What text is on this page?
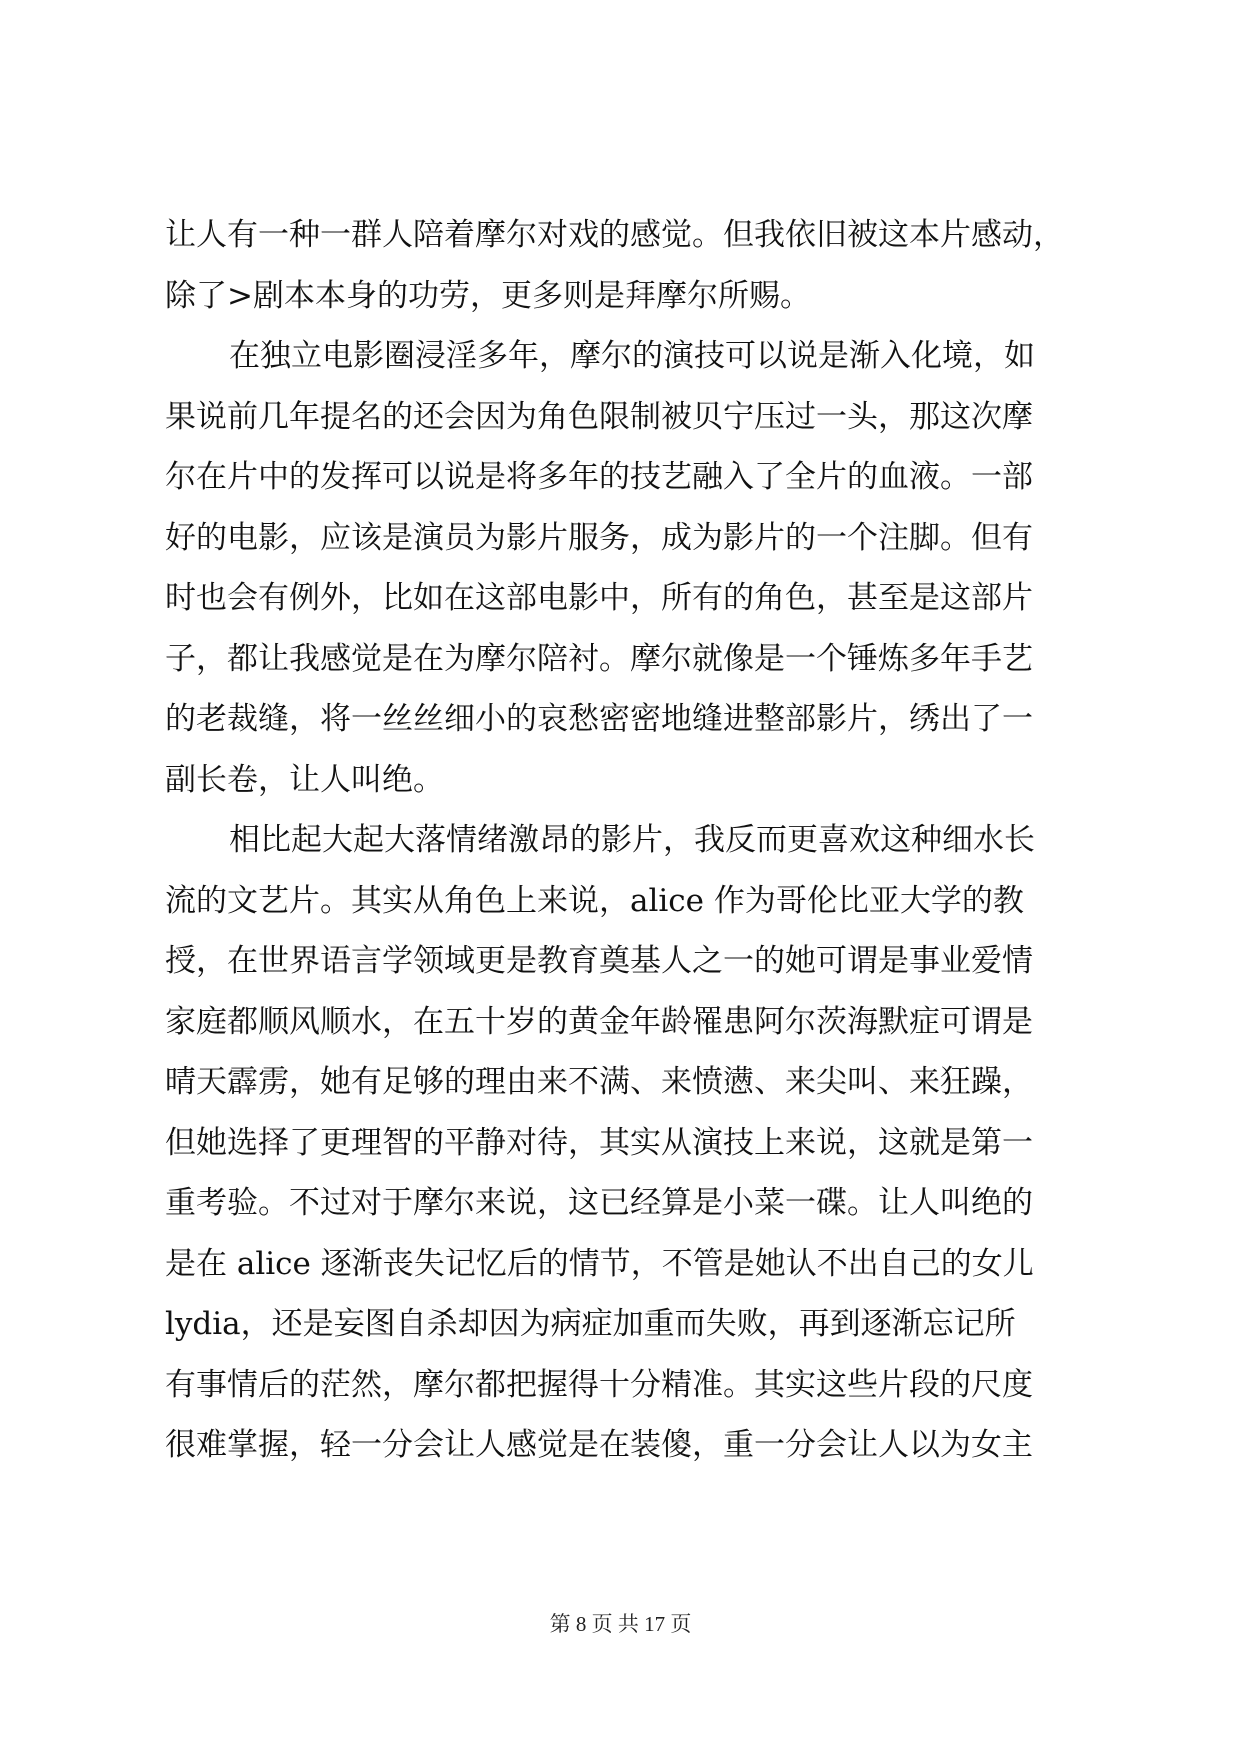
让人有一种一群人陪着摩尔对戏的感觉。但我依旧被这本片感动，
除了>剧本本身的功劳，更多则是拜摩尔所赐。
在独立电影圈浸淫多年，摩尔的演技可以说是渐入化境，如
果说前几年提名的还会因为角色限制被贝宁压过一头，那这次摩
尔在片中的发挥可以说是将多年的技艺融入了全片的血液。一部
好的电影，应该是演员为影片服务，成为影片的一个注脚。但有
时也会有例外，比如在这部电影中，所有的角色，甚至是这部片
子，都让我感觉是在为摩尔陪衬。摩尔就像是一个锤炼多年手艺
的老裁缝，将一丝丝细小的哀愁密密地缝进整部影片，绣出了一
副长卷，让人叫绝。
相比起大起大落情绪激昂的影片，我反而更喜欢这种细水长
流的文艺片。其实从角色上来说，alice 作为哥伦比亚大学的教
授，在世界语言学领域更是教育奠基人之一的她可谓是事业爱情
家庭都顺风顺水，在五十岁的黄金年龄罹患阿尔茨海默症可谓是
晴天霹雳，她有足够的理由来不满、来愤懑、来尖叫、来狂躁，
但她选择了更理智的平静对待，其实从演技上来说，这就是第一
重考验。不过对于摩尔来说，这已经算是小菜一碟。让人叫绝的
是在 alice 逐渐丧失记忆后的情节，不管是她认不出自己的女儿
lydia，还是妄图自杀却因为病症加重而失败，再到逐渐忘记所
有事情后的茫然，摩尔都把握得十分精准。其实这些片段的尺度
很难掌握，轻一分会让人感觉是在装傻，重一分会让人以为女主
第 8 页 共 17 页
